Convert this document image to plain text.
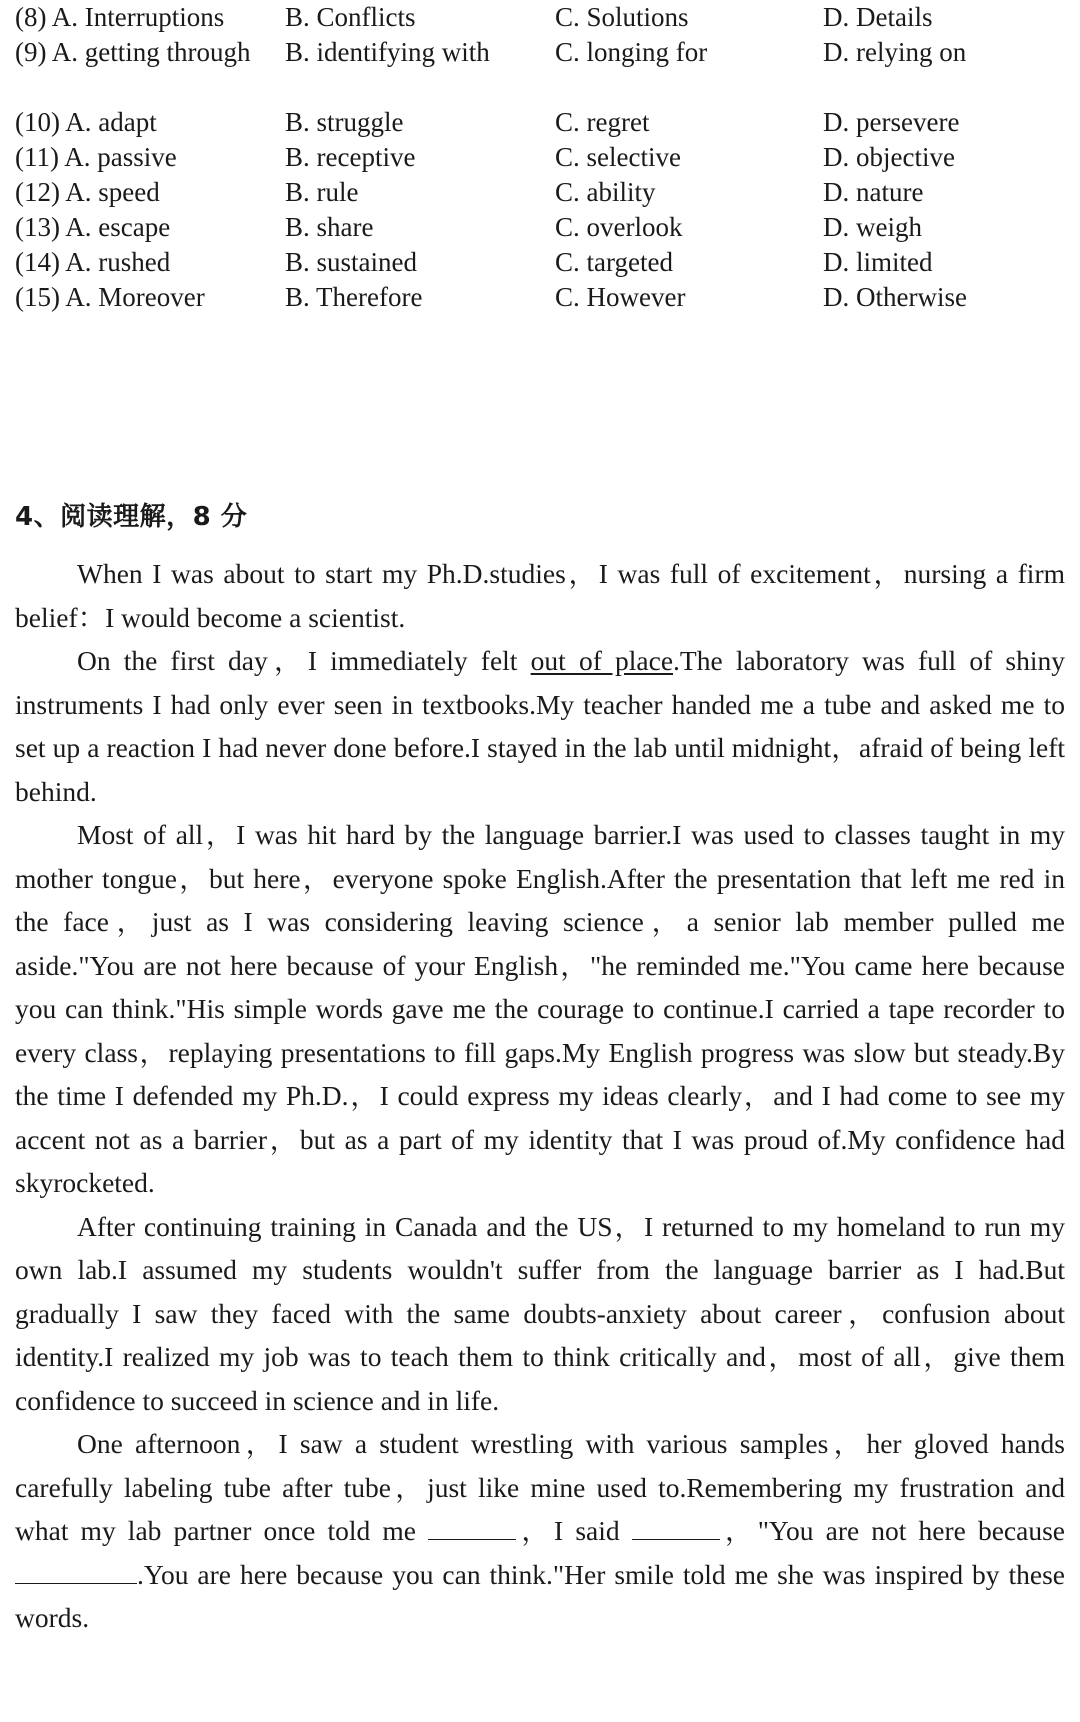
(8) A. Interruptions B. Conflicts	C. Solutions	D. Details
(9) A. getting through	B. identifying with C. longing for	D. relying on
(10) A. adapt	B. struggle	C. regret	D. persevere
(11) A. passive	B. receptive	C. selective	D. objective
(12) A. speed	B. rule	C. ability	D. nature
(13) A. escape	B. share	C. overlook	D. weigh
(14) A. rushed	B. sustained	C. targeted	D. limited
(15) A. Moreover	B. Therefore	C. However	D. Otherwise
4、阅读理解，8 分

When I was about to start my Ph.D.studies，I was full of excitement，nursing a firm belief：I would become a scientist.

On the first day，I immediately felt out of place.The laboratory was full of shiny instruments I had only ever seen in textbooks.My teacher handed me a tube and asked me to set up a reaction I had never done before.I stayed in the lab until midnight，afraid of being left behind.

Most of all，I was hit hard by the language barrier.I was used to classes taught in my mother tongue，but here，everyone spoke English.After the presentation that left me red in the face，just as I was considering leaving science，a senior lab member pulled me aside."You are not here because of your English，"he reminded me."You came here because you can think."His simple words gave me the courage to continue.I carried a tape recorder to every class，replaying presentations to fill gaps.My English progress was slow but steady.By the time I defended my Ph.D.，I could express my ideas clearly，and I had come to see my accent not as a barrier，but as a part of my identity that I was proud of.My confidence had skyrocketed.

After continuing training in Canada and the US，I returned to my homeland to run my own lab.I assumed my students wouldn't suffer from the language barrier as I had.But gradually I saw they faced with the same doubts-anxiety about career，confusion about identity.I realized my job was to teach them to think critically and，most of all，give them confidence to succeed in science and in life.

One afternoon，I saw a student wrestling with various samples，her gloved hands carefully labeling tube after tube，just like mine used to.Remembering my frustration and what my lab partner once told me	，I said	，"You are not here because .You are here because you can think."Her smile told me she was inspired by these words.
